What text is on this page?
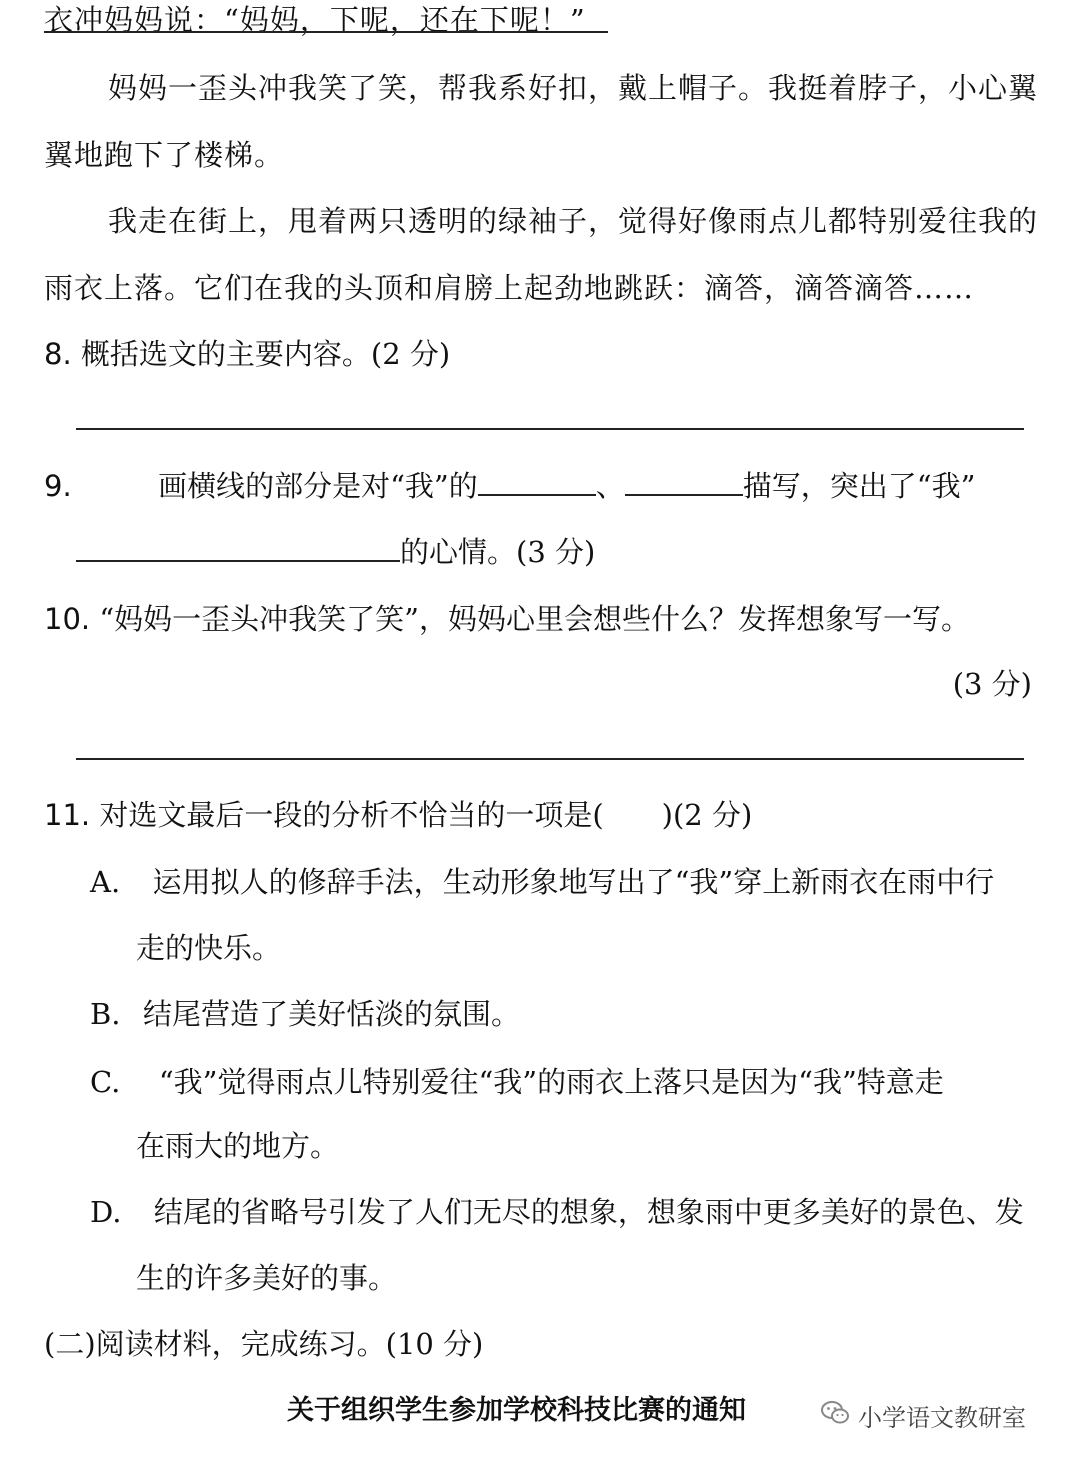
衣冲妈妈说：“妈妈，下呢，还在下呢！”
妈妈一歪头冲我笑了笑，帮我系好扣，戴上帽子。我挺着脖子，小心翼
翼地跑下了楼梯。
我走在街上，甩着两只透明的绿袖子，觉得好像雨点儿都特别爱往我的
雨衣上落。它们在我的头顶和肩膀上起劲地跳跃：滴答，滴答滴答……
8. 概括选文的主要内容。(2 分)
9.	画横线的部分是对“我”的	、	描写，突出了“我”
的心情。(3 分)
10. “妈妈一歪头冲我笑了笑”，妈妈心里会想些什么？发挥想象写一写。
(3 分)
11. 对选文最后一段的分析不恰当的一项是(　　)(2 分)
A. 运用拟人的修辞手法，生动形象地写出了“我”穿上新雨衣在雨中行
走的快乐。
B. 结尾营造了美好恬淡的氛围。
C. “我”觉得雨点儿特别爱往“我”的雨衣上落只是因为“我”特意走
在雨大的地方。
D. 结尾的省略号引发了人们无尽的想象，想象雨中更多美好的景色、发
生的许多美好的事。
(二)阅读材料，完成练习。(10 分)
关于组织学生参加学校科技比赛的通知	小学语文教研室
